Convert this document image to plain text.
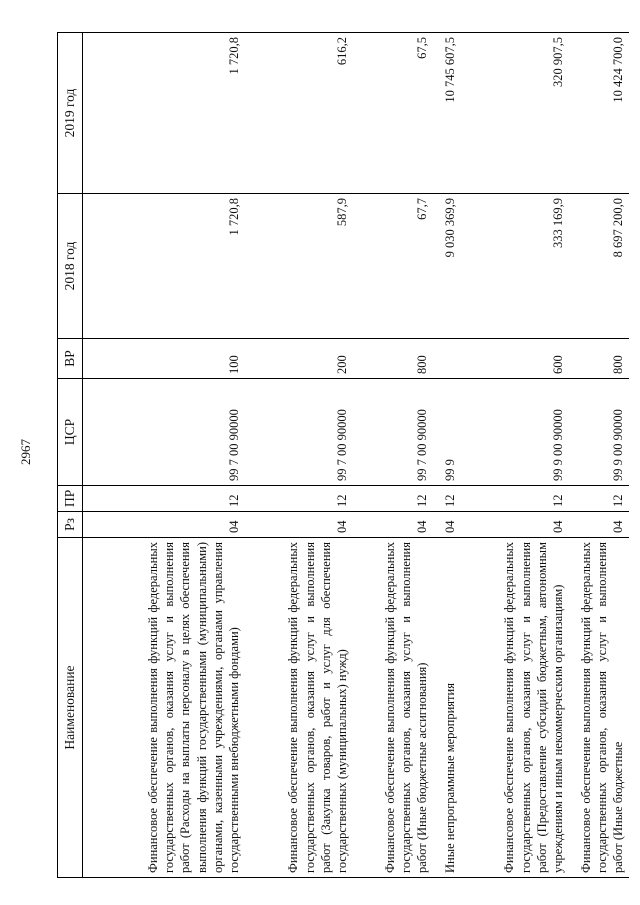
2967
Наименование	Рз	ПР	ЦСР	ВР	2018 год	2019 год
Финансовое обеспечение выполнения функций федеральных государственных органов, оказания услуг и выполнения работ (Расходы на выплаты персоналу в целях обеспечения выполнения функций государственными (муниципальными) органами, казенными учреждениями, органами управления государственными внебюджетными фондами)	04	12	99 7 00 90000	100	1 720,8	1 720,8
Финансовое обеспечение выполнения функций федеральных государственных органов, оказания услуг и выполнения работ (Закупка товаров, работ и услуг для обеспечения государственных (муниципальных) нужд)	04	12	99 7 00 90000	200	587,9	616,2
Финансовое обеспечение выполнения функций федеральных государственных органов, оказания услуг и выполнения работ (Иные бюджетные ассигнования)	04	12	99 7 00 90000	800	67,7	67,5
Иные непрограммные мероприятия	04	12	99 9		9 030 369,9	10 745 607,5
Финансовое обеспечение выполнения функций федеральных государственных органов, оказания услуг и выполнения работ (Предоставление субсидий бюджетным, автономным учреждениям и иным некоммерческим организациям)	04	12	99 9 00 90000	600	333 169,9	320 907,5
Финансовое обеспечение выполнения функций федеральных государственных органов, оказания услуг и выполнения работ (Иные бюджетные	04	12	99 9 00 90000	800	8 697 200,0	10 424 700,0
